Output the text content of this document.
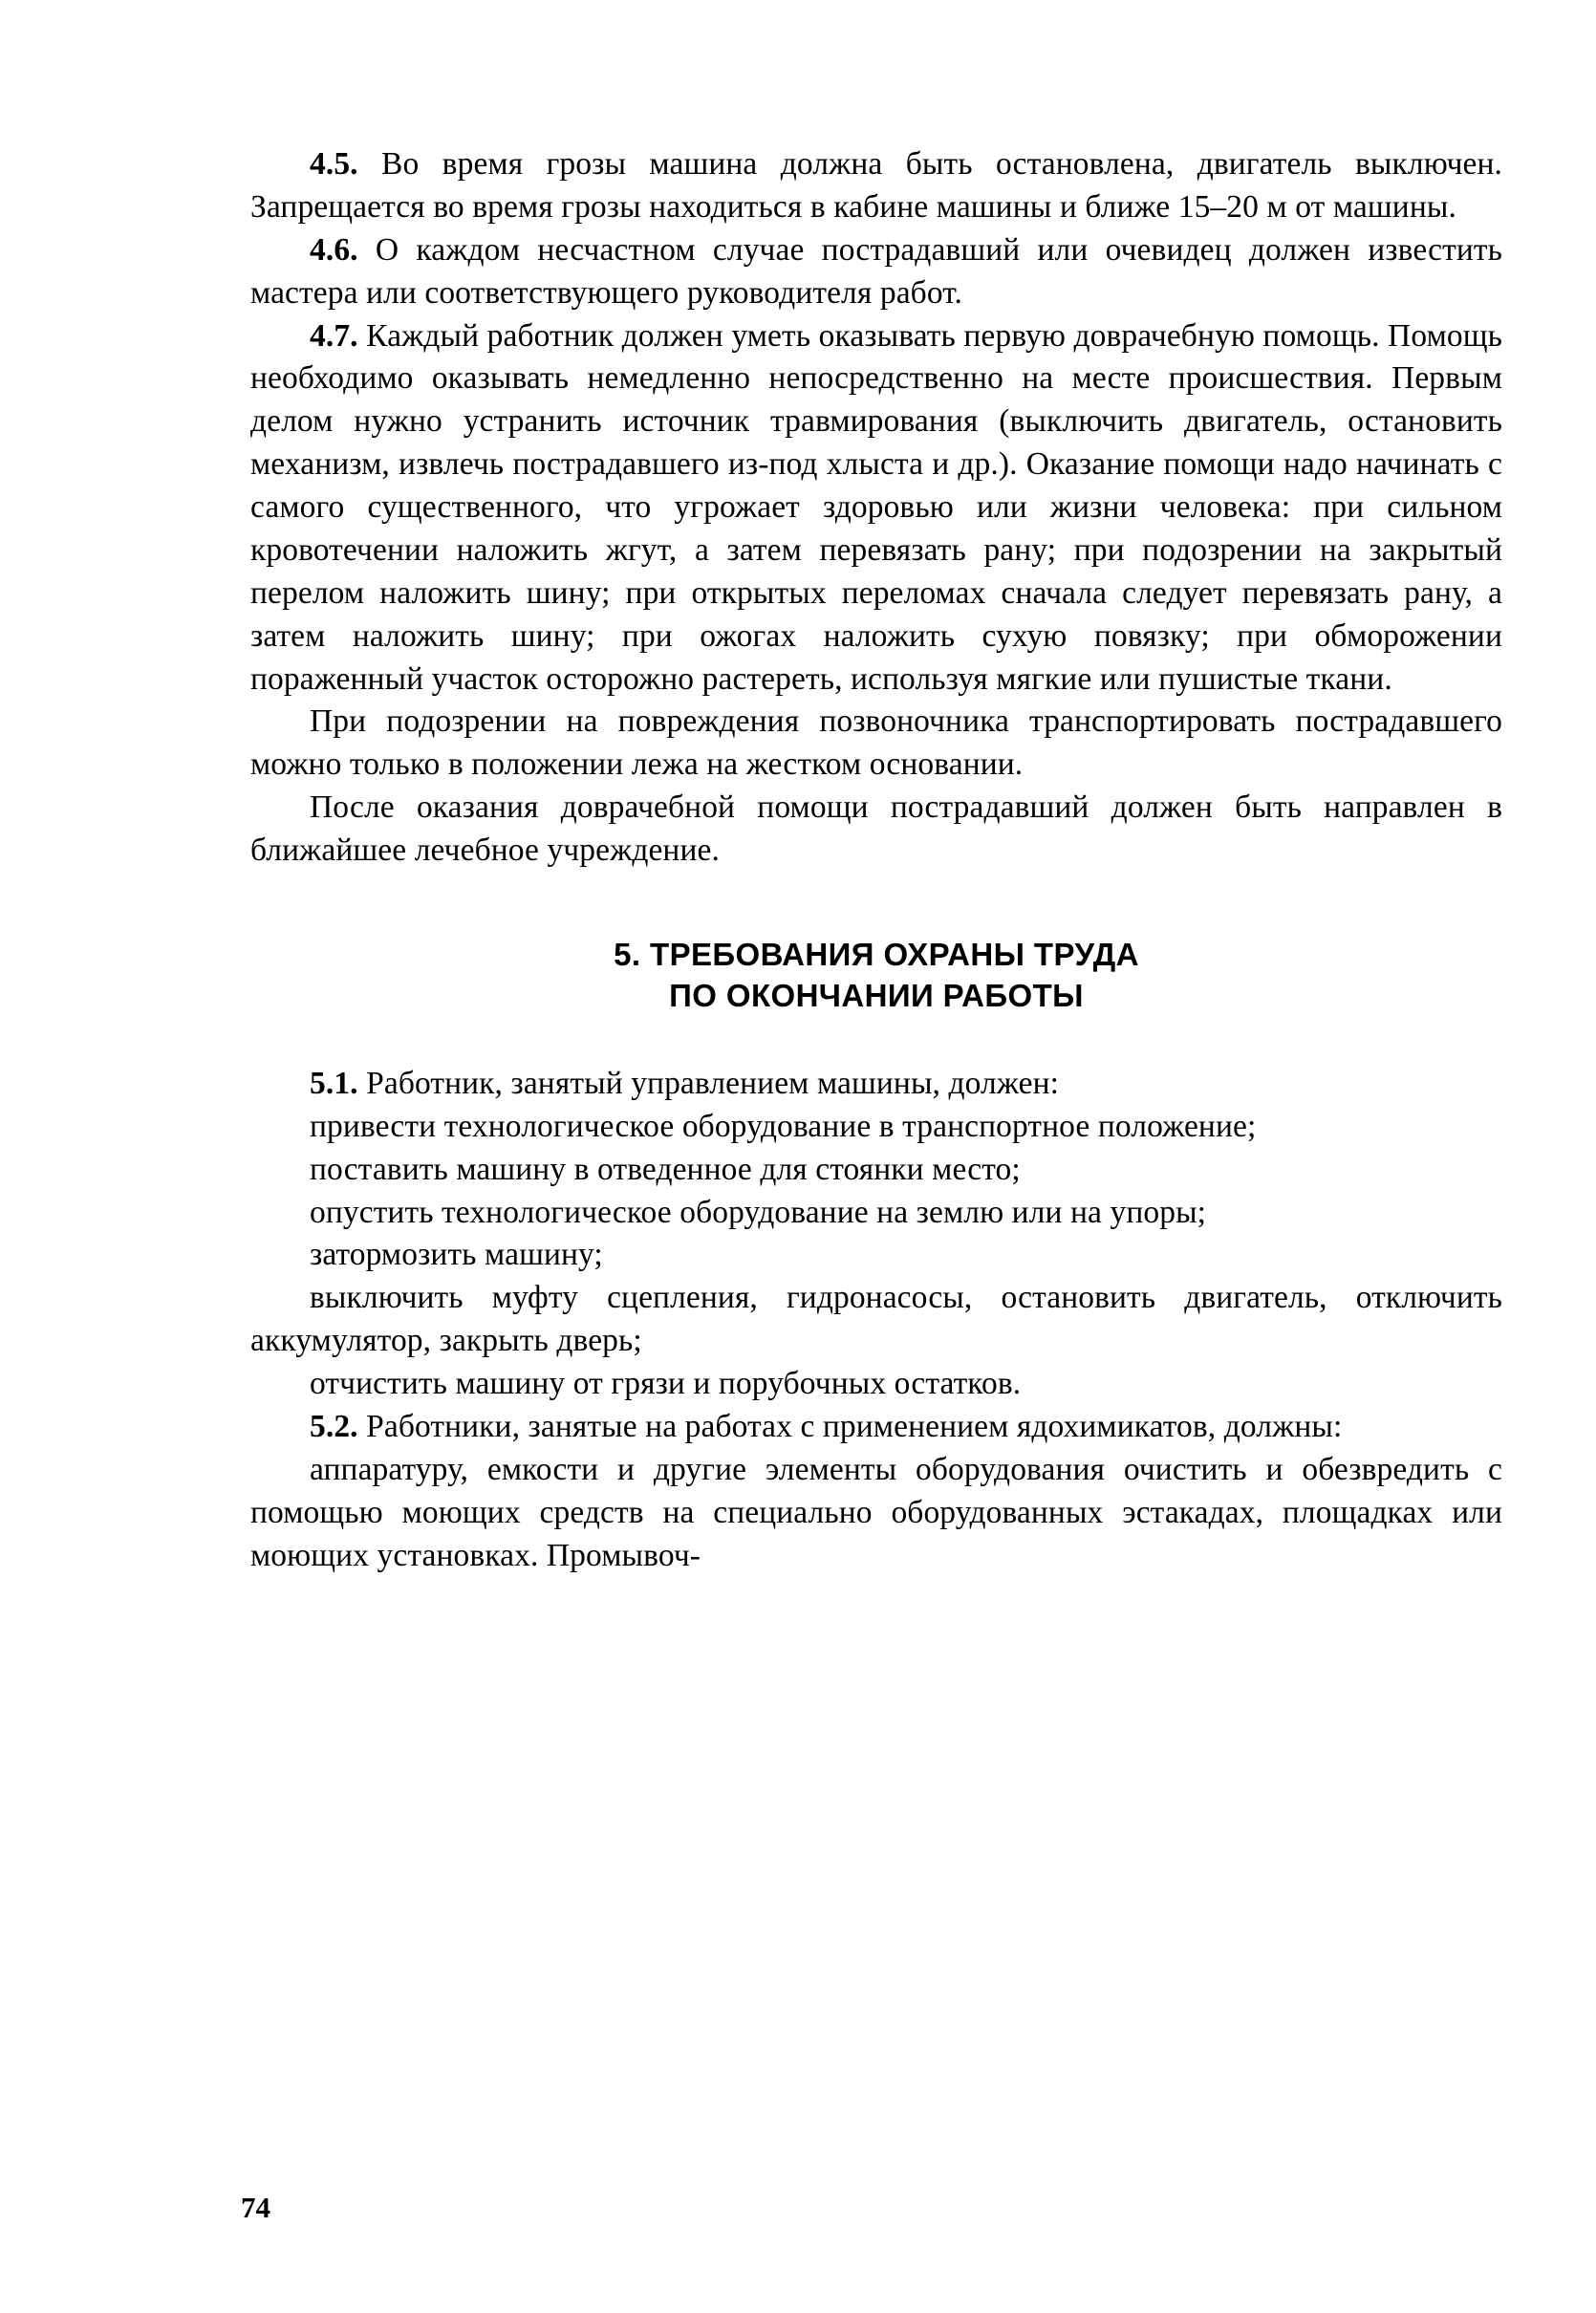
4.5. Во время грозы машина должна быть остановлена, двигатель выключен. Запрещается во время грозы находиться в кабине машины и ближе 15–20 м от машины.

4.6. О каждом несчастном случае пострадавший или очевидец должен известить мастера или соответствующего руководителя работ.

4.7. Каждый работник должен уметь оказывать первую доврачебную помощь. Помощь необходимо оказывать немедленно непосредственно на месте происшествия. Первым делом нужно устранить источник травмирования (выключить двигатель, остановить механизм, извлечь пострадавшего из-под хлыста и др.). Оказание помощи надо начинать с самого существенного, что угрожает здоровью или жизни человека: при сильном кровотечении наложить жгут, а затем перевязать рану; при подозрении на закрытый перелом наложить шину; при открытых переломах сначала следует перевязать рану, а затем наложить шину; при ожогах наложить сухую повязку; при обморожении пораженный участок осторожно растереть, используя мягкие или пушистые ткани.

При подозрении на повреждения позвоночника транспортировать пострадавшего можно только в положении лежа на жестком основании.

После оказания доврачебной помощи пострадавший должен быть направлен в ближайшее лечебное учреждение.

5. ТРЕБОВАНИЯ ОХРАНЫ ТРУДА
ПО ОКОНЧАНИИ РАБОТЫ

5.1. Работник, занятый управлением машины, должен:

привести технологическое оборудование в транспортное положение;

поставить машину в отведенное для стоянки место;

опустить технологическое оборудование на землю или на упоры;

затормозить машину;

выключить муфту сцепления, гидронасосы, остановить двигатель, отключить аккумулятор, закрыть дверь;

отчистить машину от грязи и порубочных остатков.

5.2. Работники, занятые на работах с применением ядохимикатов, должны:

аппаратуру, емкости и другие элементы оборудования очистить и обезвредить с помощью моющих средств на специально оборудованных эстакадах, площадках или моющих установках. Промывоч-

74
